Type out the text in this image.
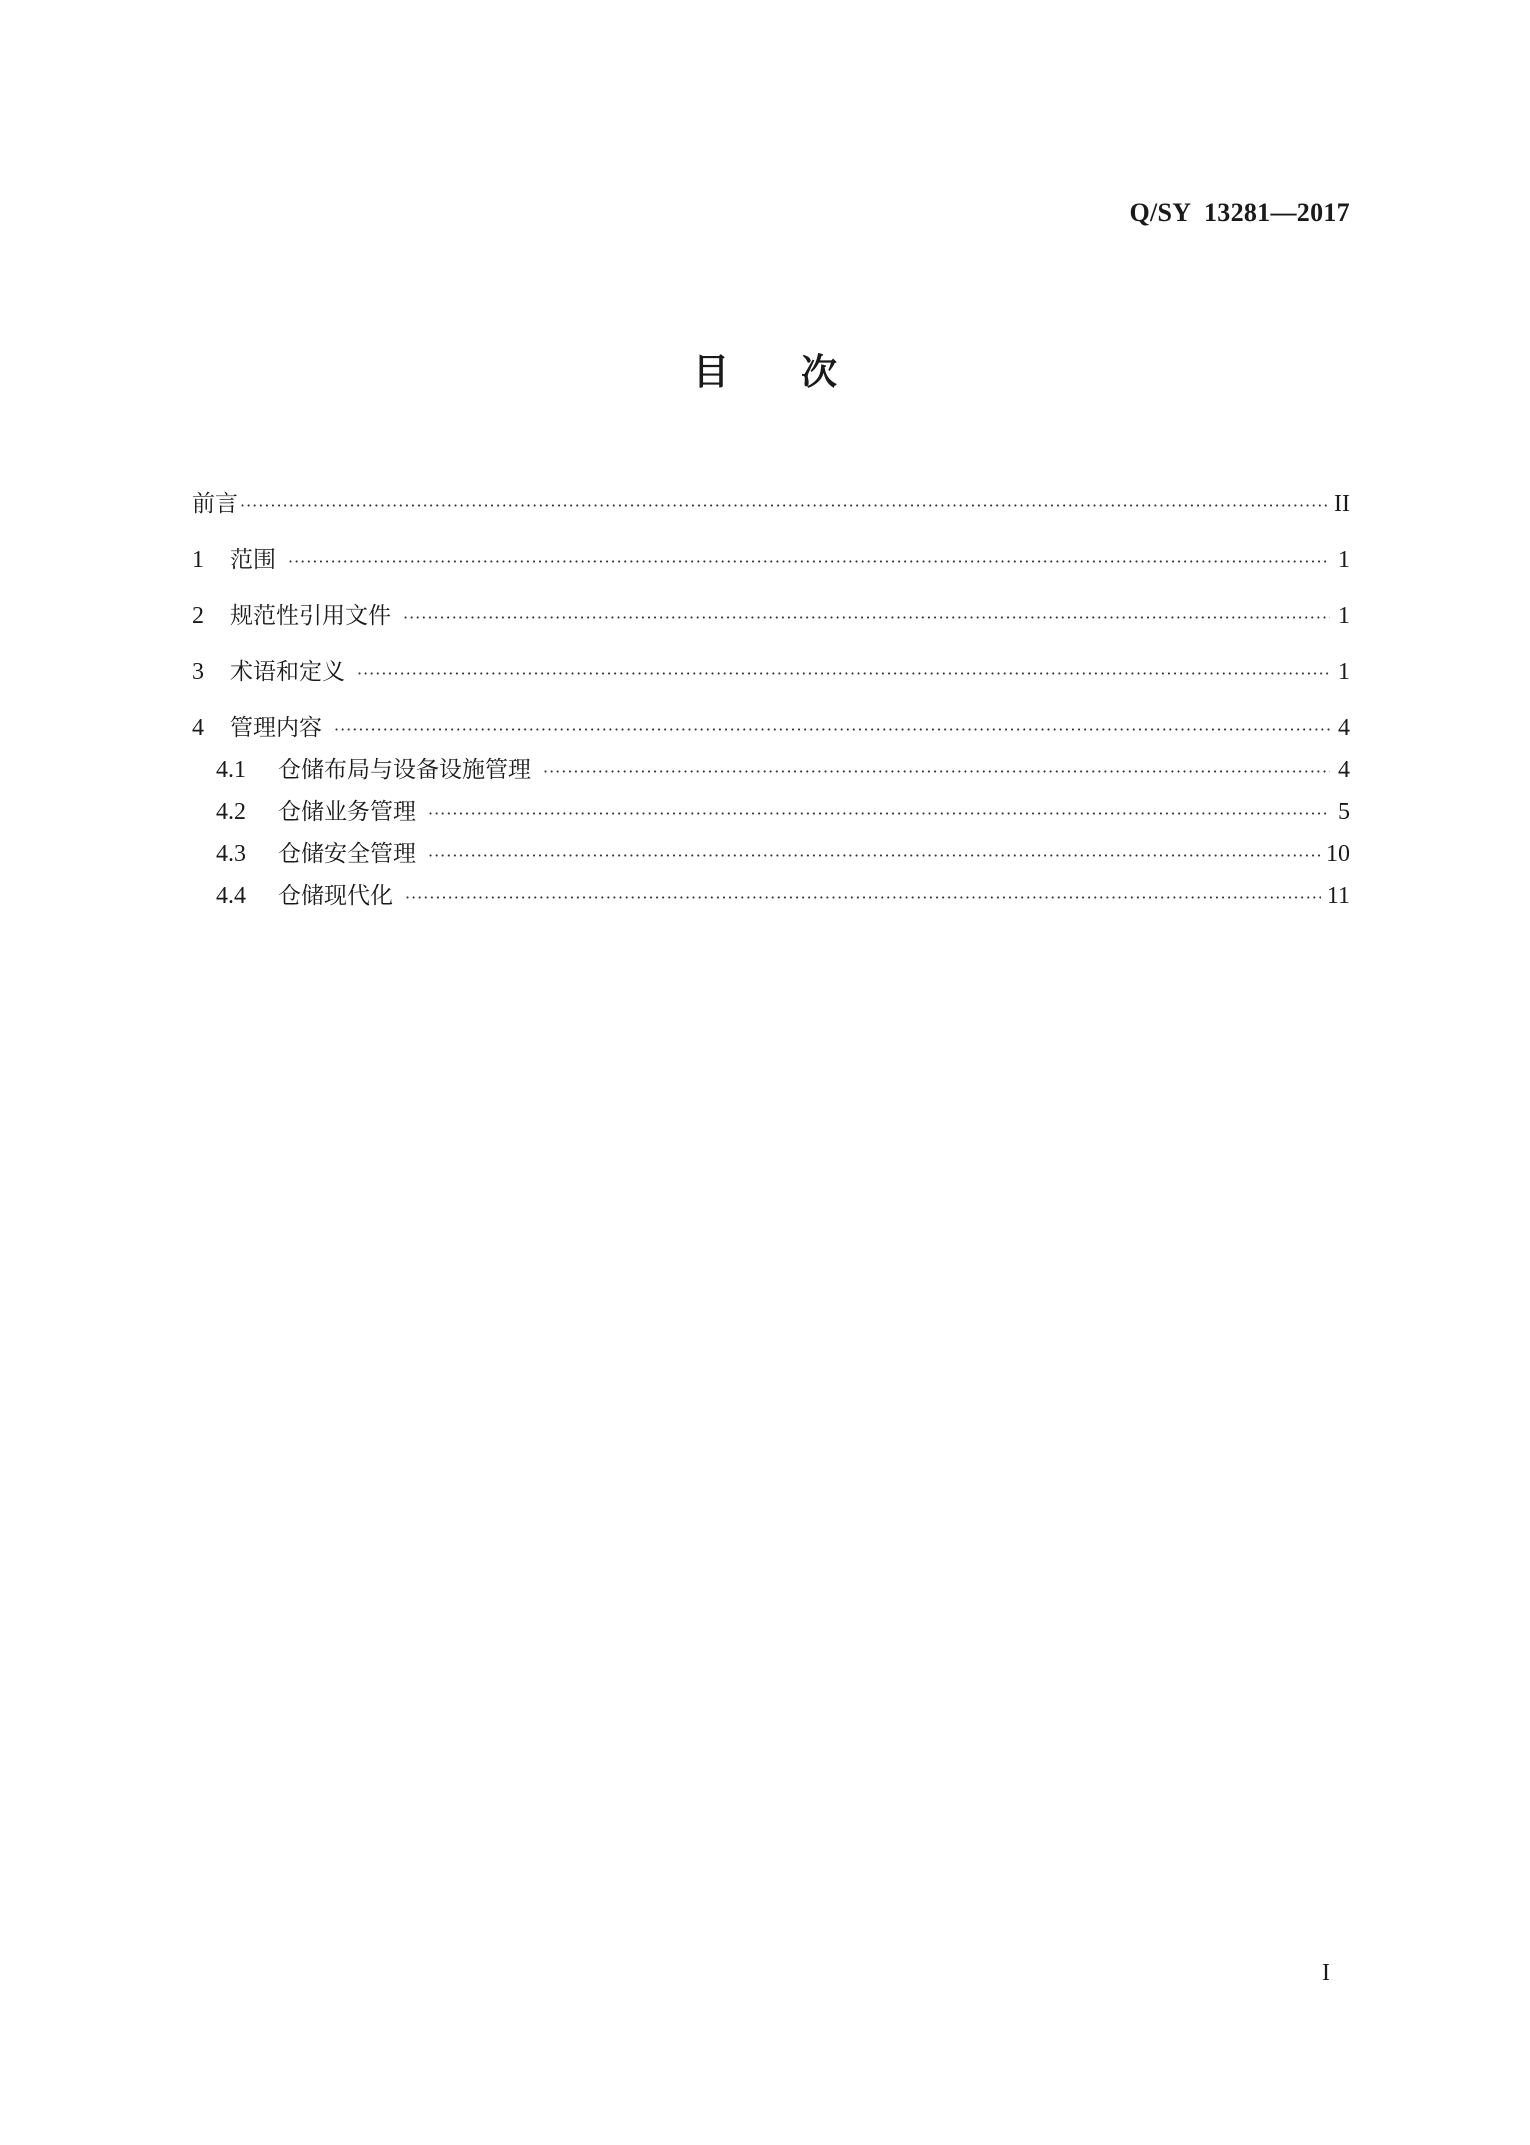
Q/SY  13281—2017
目次
前言 ·····	II
1	范围 ·····	1
2	规范性引用文件 ·····	1
3	术语和定义 ·····	1
4	管理内容 ·····	4
4.1	仓储布局与设备设施管理 ·····	4
4.2	仓储业务管理 ·····	5
4.3	仓储安全管理 ·····	10
4.4	仓储现代化 ·····	11
I
